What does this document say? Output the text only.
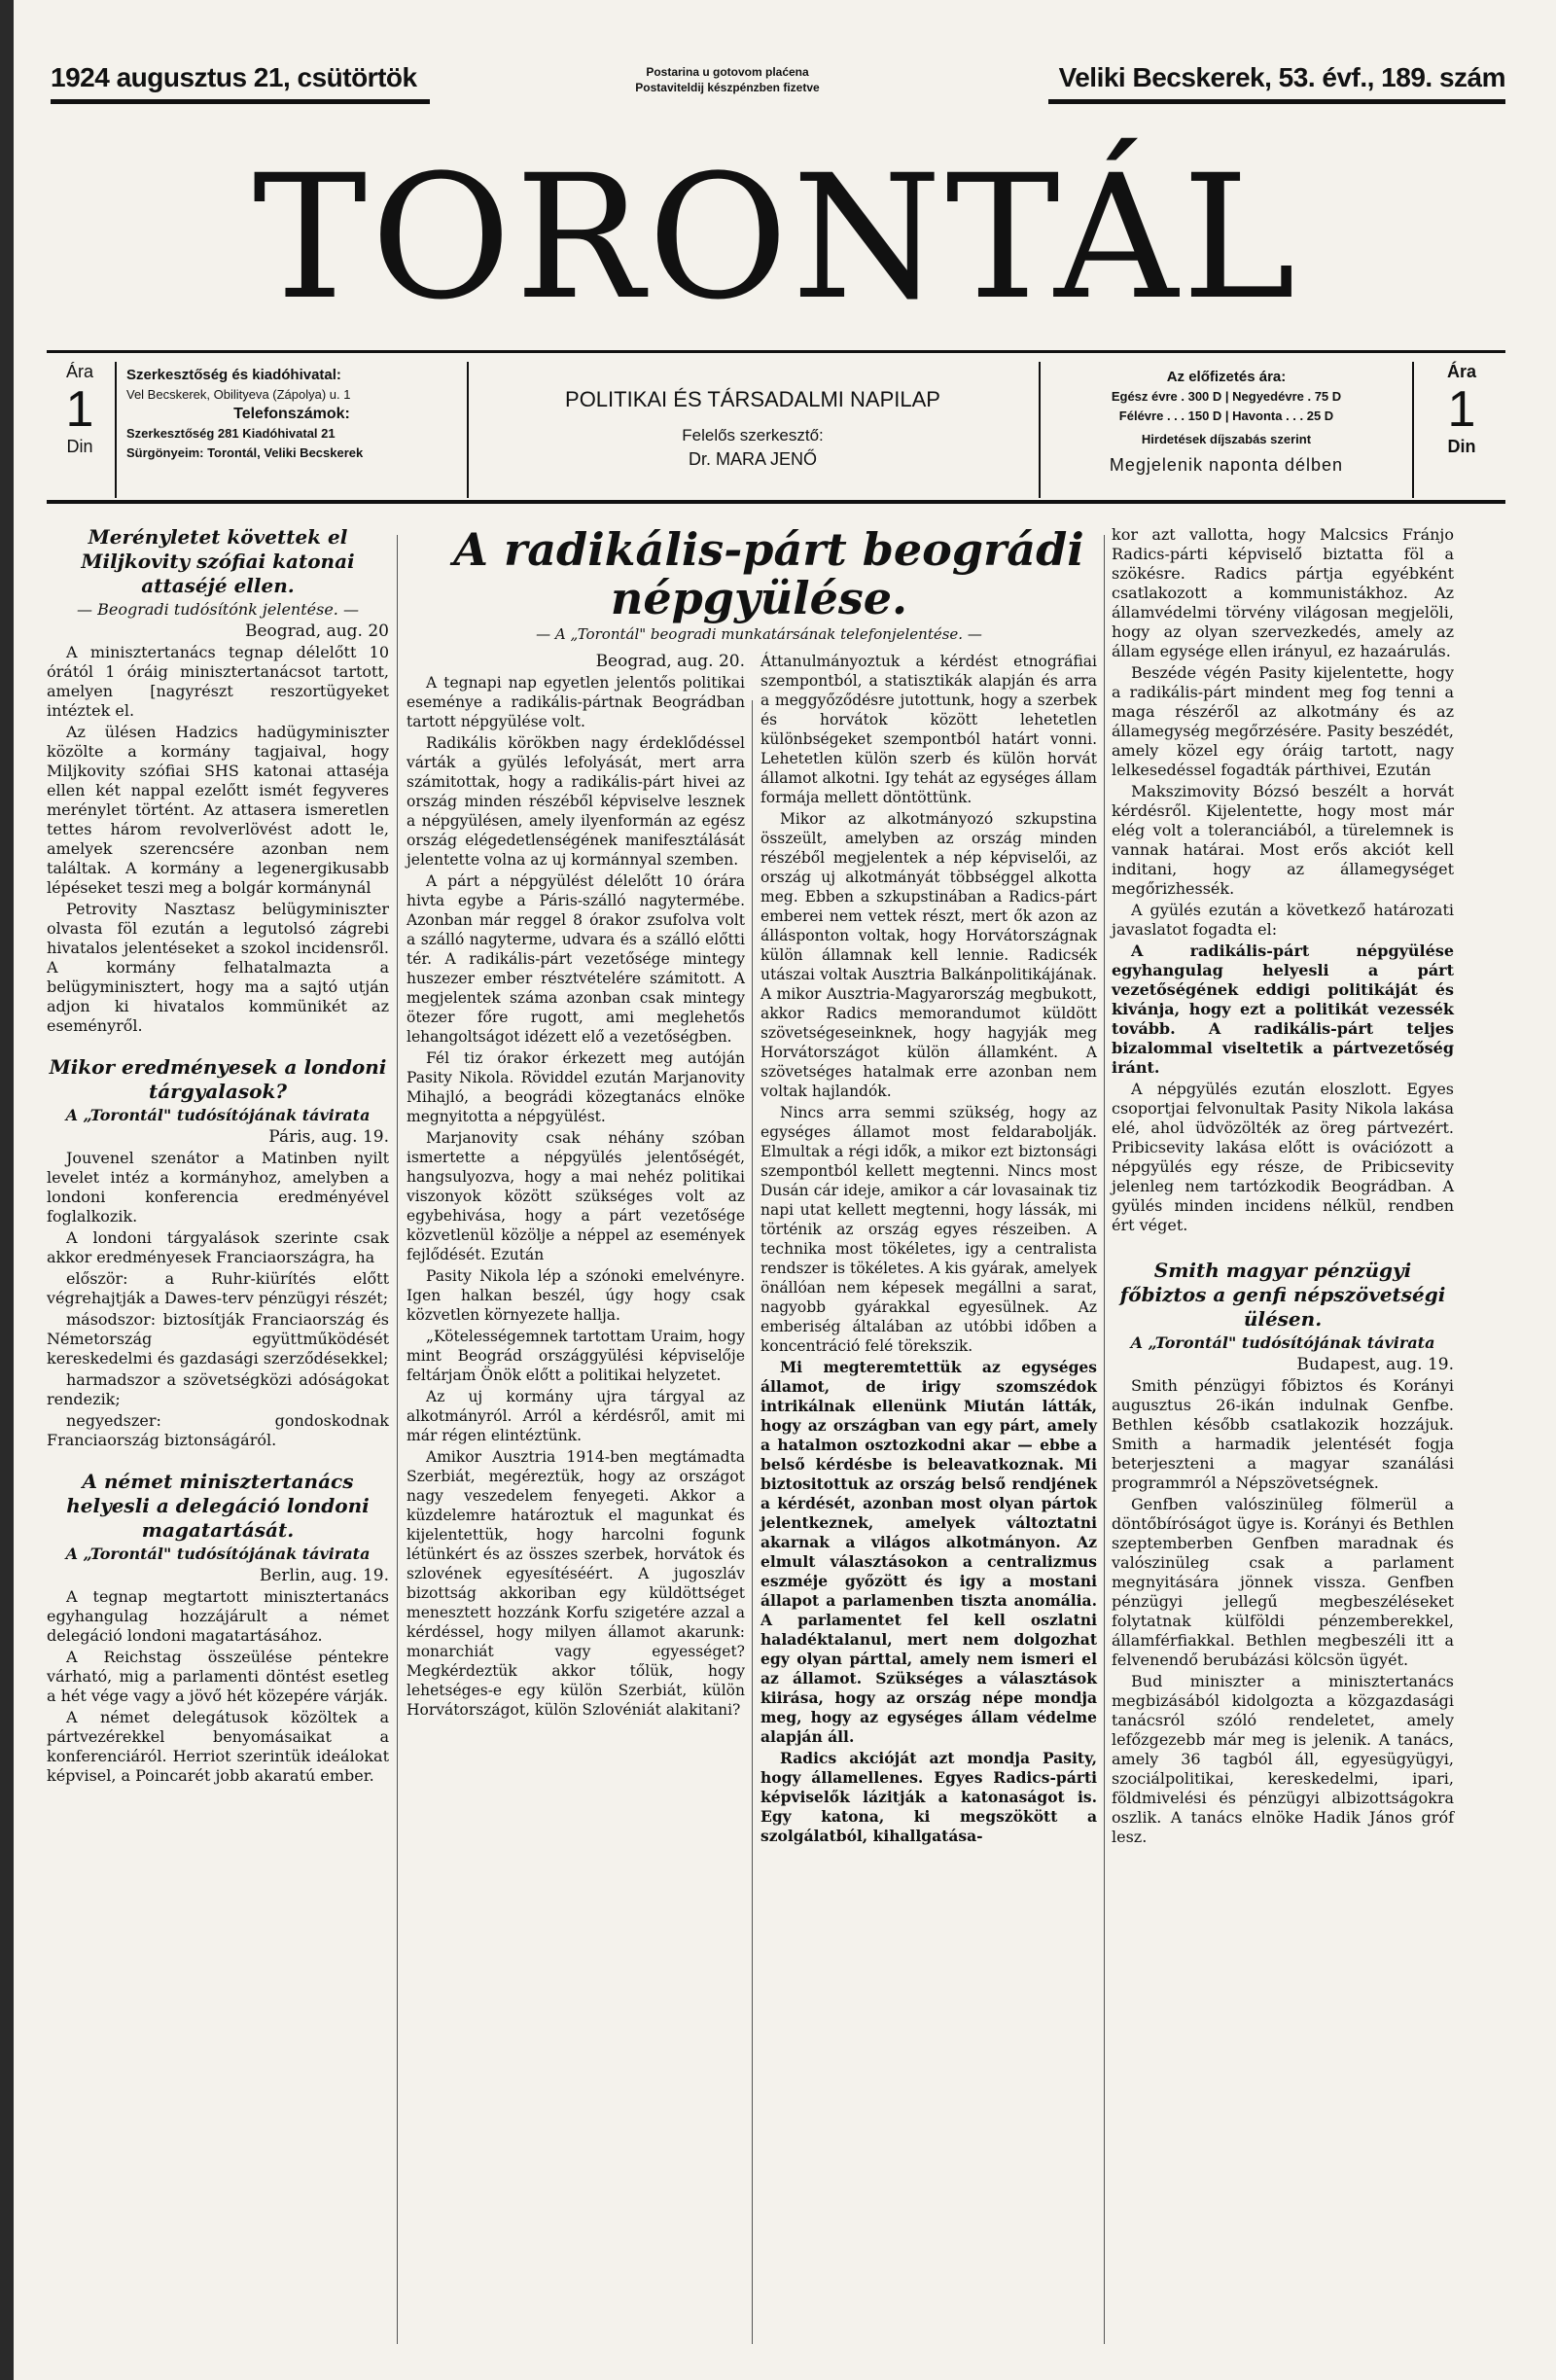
1924 augusztus 21, csütörtök	Postarina u gotovom plaćena
Postaviteldij készpénzben fizetve	Veliki Becskerek, 53. évf., 189. szám
TORONTÁL
Ára
1
Din
Szerkesztőség és kiadóhivatal:
Vel Becskerek, Obilityeva (Zápolya) u. 1
Telefonszámok:
Szerkesztőség 281 Kiadóhivatal 21
Sürgönyeim: Torontál, Veliki Becskerek
POLITIKAI ÉS TÁRSADALMI NAPILAP
Felelős szerkesztő:
Dr. MARA JENŐ
Az előfizetés ára:
Egész évre . 300 D | Negyedévre . 75 D
Félévre . . . 150 D | Havonta . . . 25 D
Hirdetések díjszabás szerint
Megjelenik naponta délben
Ára
1
Din

Merényletet követtek el Miljkovity szófiai katonai attaséjé ellen.

— Beogradi tudósítónk jelentése. —

Beograd, aug. 20

A minisztertanács tegnap délelőtt 10 órától 1 óráig minisztertanácsot tartott, amelyen [nagyrészt reszortügyeket intéztek el.

Az ülésen Hadzics hadügyminiszter közölte a kormány tagjaival, hogy Miljkovity szófiai SHS katonai attaséja ellen két nappal ezelőtt ismét fegyveres merénylet történt. Az attasera ismeretlen tettes három revolverlövést adott le, amelyek szerencsére azonban nem találtak. A kormány a legenergikusabb lépéseket teszi meg a bolgár kormánynál

Petrovity Nasztasz belügyminiszter olvasta föl ezután a legutolsó zágrebi hivatalos jelentéseket a szokol incidensről. A kormány felhatalmazta a belügyminisztert, hogy ma a sajtó utján adjon ki hivatalos kommünikét az eseményről.

Mikor eredményesek a londoni tárgyalasok?

A „Torontál" tudósítójának távirata

Páris, aug. 19.

Jouvenel szenátor a Matinben nyilt levelet intéz a kormányhoz, amelyben a londoni konferencia eredményével foglalkozik.

A londoni tárgyalások szerinte csak akkor eredményesek Franciaországra, ha

először: a Ruhr-kiürítés előtt végrehajtják a Dawes-terv pénzügyi részét;

másodszor: biztosítják Franciaország és Németország együttműködését kereskedelmi és gazdasági szerződésekkel;

harmadszor a szövetségközi adóságokat rendezik;

negyedszer: gondoskodnak Franciaország biztonságáról.

A német minisztertanács helyesli a delegáció londoni magatartását.

A „Torontál" tudósítójának távirata

Berlin, aug. 19.

A tegnap megtartott minisztertanács egyhangulag hozzájárult a német delegáció londoni magatartásához.

A Reichstag összeülése péntekre várható, mig a parlamenti döntést esetleg a hét vége vagy a jövő hét közepére várják.

A német delegátusok közöltek a pártvezérekkel benyomásaikat a konferenciáról. Herriot szerintük ideálokat képvisel, a Poincarét jobb akaratú ember.

A radikális-párt beográdi népgyülése.

— A „Torontál" beogradi munkatársának telefonjelentése. —

Beograd, aug. 20.

A tegnapi nap egyetlen jelentős politikai eseménye a radikális-pártnak Beográdban tartott népgyülése volt.

Radikális körökben nagy érdeklődéssel várták a gyülés lefolyását, mert arra számitottak, hogy a radikális-párt hivei az ország minden részéből képviselve lesznek a népgyülésen, amely ilyenformán az egész ország elégedetlenségének manifesztálását jelentette volna az uj kormánnyal szemben.

A párt a népgyülést délelőtt 10 órára hivta egybe a Páris-szálló nagytermébe. Azonban már reggel 8 órakor zsufolva volt a szálló nagyterme, udvara és a szálló előtti tér. A radikális-párt vezetősége mintegy huszezer ember résztvételére számitott. A megjelentek száma azonban csak mintegy ötezer főre rugott, ami meglehetős lehangoltságot idézett elő a vezetőségben.

Fél tiz órakor érkezett meg autóján Pasity Nikola. Röviddel ezután Marjanovity Mihajló, a beográdi közegtanács elnöke megnyitotta a népgyülést.

Marjanovity csak néhány szóban ismertette a népgyülés jelentőségét, hangsulyozva, hogy a mai nehéz politikai viszonyok között szükséges volt az egybehivása, hogy a párt vezetősége közvetlenül közölje a néppel az események fejlődését. Ezután

Pasity Nikola lép a szónoki emelvényre. Igen halkan beszél, úgy hogy csak közvetlen környezete hallja.

„Kötelességemnek tartottam Uraim, hogy mint Beográd országgyülési képviselője feltárjam Önök előtt a politikai helyzetet.

Az uj kormány ujra tárgyal az alkotmányról. Arról a kérdésről, amit mi már régen elintéztünk.

Amikor Ausztria 1914-ben megtámadta Szerbiát, megéreztük, hogy az országot nagy veszedelem fenyegeti. Akkor a küzdelemre határoztuk el magunkat és kijelentettük, hogy harcolni fogunk létünkért és az összes szerbek, horvátok és szlovének egyesítéséért. A jugoszláv bizottság akkoriban egy küldöttséget menesztett hozzánk Korfu szigetére azzal a kérdéssel, hogy milyen államot akarunk: monarchiát vagy egyességet? Megkérdeztük akkor tőlük, hogy lehetséges-e egy külön Szerbiát, külön Horvátországot, külön Szlovéniát alakitani?

Áttanulmányoztuk a kérdést etnográfiai szempontból, a statisztikák alapján és arra a meggyőződésre jutottunk, hogy a szerbek és horvátok között lehetetlen különbségeket szempontból határt vonni. Lehetetlen külön szerb és külön horvát államot alkotni. Igy tehát az egységes állam formája mellett döntöttünk.

Mikor az alkotmányozó szkupstina összeült, amelyben az ország minden részéből megjelentek a nép képviselői, az ország uj alkotmányát többséggel alkotta meg. Ebben a szkupstinában a Radics-párt emberei nem vettek részt, mert ők azon az állásponton voltak, hogy Horvátországnak külön államnak kell lennie. Radicsék utászai voltak Ausztria Balkánpolitikájának. A mikor Ausztria-Magyarország megbukott, akkor Radics memorandumot küldött szövetségeseinknek, hogy hagyják meg Horvátországot külön államként. A szövetséges hatalmak erre azonban nem voltak hajlandók.

Nincs arra semmi szükség, hogy az egységes államot most feldarabolják. Elmultak a régi idők, a mikor ezt biztonsági szempontból kellett megtenni. Nincs most Dusán cár ideje, amikor a cár lovasainak tiz napi utat kellett megtenni, hogy lássák, mi történik az ország egyes részeiben. A technika most tökéletes, igy a centralista rendszer is tökéletes. A kis gyárak, amelyek önállóan nem képesek megállni a sarat, nagyobb gyárakkal egyesülnek. Az emberiség általában az utóbbi időben a koncentráció felé törekszik.

Mi megteremtettük az egységes államot, de irigy szomszédok intrikálnak ellenünk Miután látták, hogy az országban van egy párt, amely a hatalmon osztozkodni akar — ebbe a belső kérdésbe is beleavatkoznak. Mi biztositottuk az ország belső rendjének a kérdését, azonban most olyan pártok jelentkeznek, amelyek változtatni akarnak a világos alkotmányon. Az elmult választásokon a centralizmus eszméje győzött és igy a mostani állapot a parlamenben tiszta anomália. A parlamentet fel kell oszlatni haladéktalanul, mert nem dolgozhat egy olyan párttal, amely nem ismeri el az államot. Szükséges a választások kiirása, hogy az ország népe mondja meg, hogy az egységes állam védelme alapján áll.

Radics akcióját azt mondja Pasity, hogy államellenes. Egyes Radics-párti képviselők lázitják a katonaságot is. Egy katona, ki megszökött a szolgálatból, kihallgatása-

kor azt vallotta, hogy Malcsics Fránjo Radics-párti képviselő biztatta föl a szökésre. Radics pártja egyébként csatlakozott a kommunistákhoz. Az államvédelmi törvény világosan megjelöli, hogy az olyan szervezkedés, amely az állam egysége ellen irányul, ez hazaárulás.

Beszéde végén Pasity kijelentette, hogy a radikális-párt mindent meg fog tenni a maga részéről az alkotmány és az államegység megőrzésére. Pasity beszédét, amely közel egy óráig tartott, nagy lelkesedéssel fogadták párthivei, Ezután

Makszimovity Bózsó beszélt a horvát kérdésről. Kijelentette, hogy most már elég volt a toleranciából, a türelemnek is vannak határai. Most erős akciót kell inditani, hogy az államegységet megőrizhessék.

A gyülés ezután a következő határozati javaslatot fogadta el:

A radikális-párt népgyülése egyhangulag helyesli a párt vezetőségének eddigi politikáját és kivánja, hogy ezt a politikát vezessék tovább. A radikális-párt teljes bizalommal viseltetik a pártvezetőség iránt.

A népgyülés ezután eloszlott. Egyes csoportjai felvonultak Pasity Nikola lakása elé, ahol üdvözölték az öreg pártvezért. Pribicsevity lakása előtt is ovációzott a népgyülés egy része, de Pribicsevity jelenleg nem tartózkodik Beográdban. A gyülés minden incidens nélkül, rendben ért véget.

Smith magyar pénzügyi főbiztos a genfi népszövetségi ülésen.

A „Torontál" tudósítójának távirata

Budapest, aug. 19.

Smith pénzügyi főbiztos és Korányi augusztus 26-ikán indulnak Genfbe. Bethlen később csatlakozik hozzájuk. Smith a harmadik jelentését fogja beterjeszteni a magyar szanálási programmról a Népszövetségnek.

Genfben valószinüleg fölmerül a döntőbíróságot ügye is. Korányi és Bethlen szeptemberben Genfben maradnak és valószinüleg csak a parlament megnyitására jönnek vissza. Genfben pénzügyi jellegű megbeszéléseket folytatnak külföldi pénzemberekkel, államférfiakkal. Bethlen megbeszéli itt a felvenendő berubázási kölcsön ügyét.

Bud miniszter a minisztertanács megbizásából kidolgozta a közgazdasági tanácsról szóló rendeletet, amely lefőzgezebb már meg is jelenik. A tanács, amely 36 tagból áll, egyesügyügyi, szociálpolitikai, kereskedelmi, ipari, földmivelési és pénzügyi albizottságokra oszlik. A tanács elnöke Hadik János gróf lesz.
